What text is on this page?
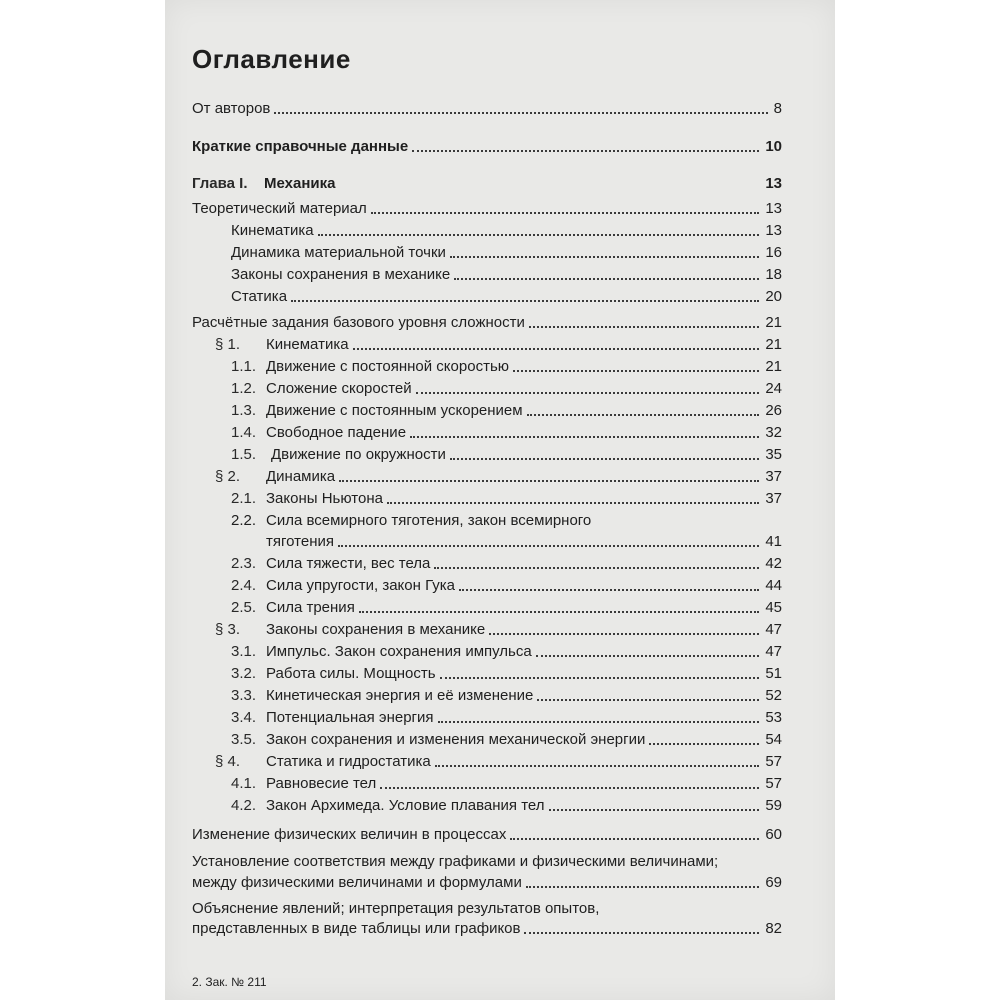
Оглавление
От авторов	8
Краткие справочные данные	10
Глава I.	Механика	13
Теоретический материал	13
Кинематика	13
Динамика материальной точки	16
Законы сохранения в механике	18
Статика	20
Расчётные задания базового уровня сложности	21
§ 1.	Кинематика	21
1.1. Движение с постоянной скоростью	21
1.2. Сложение скоростей	24
1.3. Движение с постоянным ускорением	26
1.4. Свободное падение	32
1.5. Движение по окружности	35
§ 2.	Динамика	37
2.1. Законы Ньютона	37
2.2. Сила всемирного тяготения, закон всемирного
тяготения	41
2.3. Сила тяжести, вес тела	42
2.4. Сила упругости, закон Гука	44
2.5. Сила трения	45
§ 3.	Законы сохранения в механике	47
3.1. Импульс. Закон сохранения импульса	47
3.2. Работа силы. Мощность	51
3.3. Кинетическая энергия и её изменение	52
3.4. Потенциальная энергия	53
3.5. Закон сохранения и изменения механической энергии	54
§ 4.	Статика и гидростатика	57
4.1. Равновесие тел	57
4.2. Закон Архимеда. Условие плавания тел	59
Изменение физических величин в процессах	60
Установление соответствия между графиками и физическими величинами;
между физическими величинами и формулами	69
Объяснение явлений; интерпретация результатов опытов,
представленных в виде таблицы или графиков	82
2. Зак. № 211
